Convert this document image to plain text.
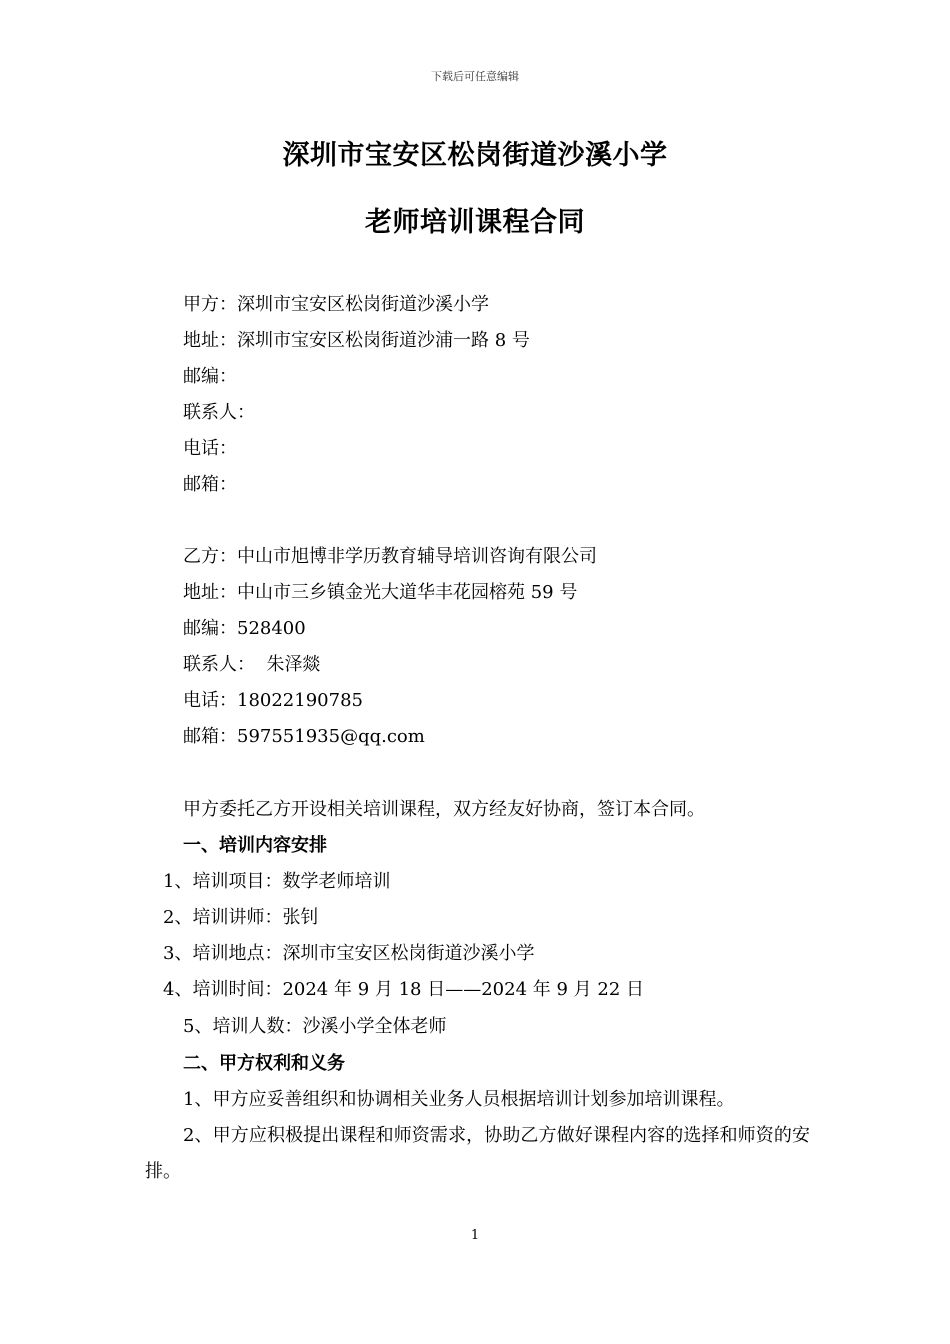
下载后可任意编辑
深圳市宝安区松岗街道沙溪小学
老师培训课程合同
甲方：深圳市宝安区松岗街道沙溪小学
地址：深圳市宝安区松岗街道沙浦一路 8 号
邮编：
联系人：
电话：
邮箱：
乙方：中山市旭博非学历教育辅导培训咨询有限公司
地址：中山市三乡镇金光大道华丰花园榕苑 59 号
邮编：528400
联系人：  朱泽燚
电话：18022190785
邮箱：597551935@qq.com
甲方委托乙方开设相关培训课程，双方经友好协商，签订本合同。
一、培训内容安排
1、培训项目：数学老师培训
2、培训讲师：张钊
3、培训地点：深圳市宝安区松岗街道沙溪小学
4、培训时间：2024 年 9 月 18 日——2024 年 9 月 22 日
5、培训人数：沙溪小学全体老师
二、甲方权利和义务
1、甲方应妥善组织和协调相关业务人员根据培训计划参加培训课程。
2、甲方应积极提出课程和师资需求，协助乙方做好课程内容的选择和师资的安排。
1
